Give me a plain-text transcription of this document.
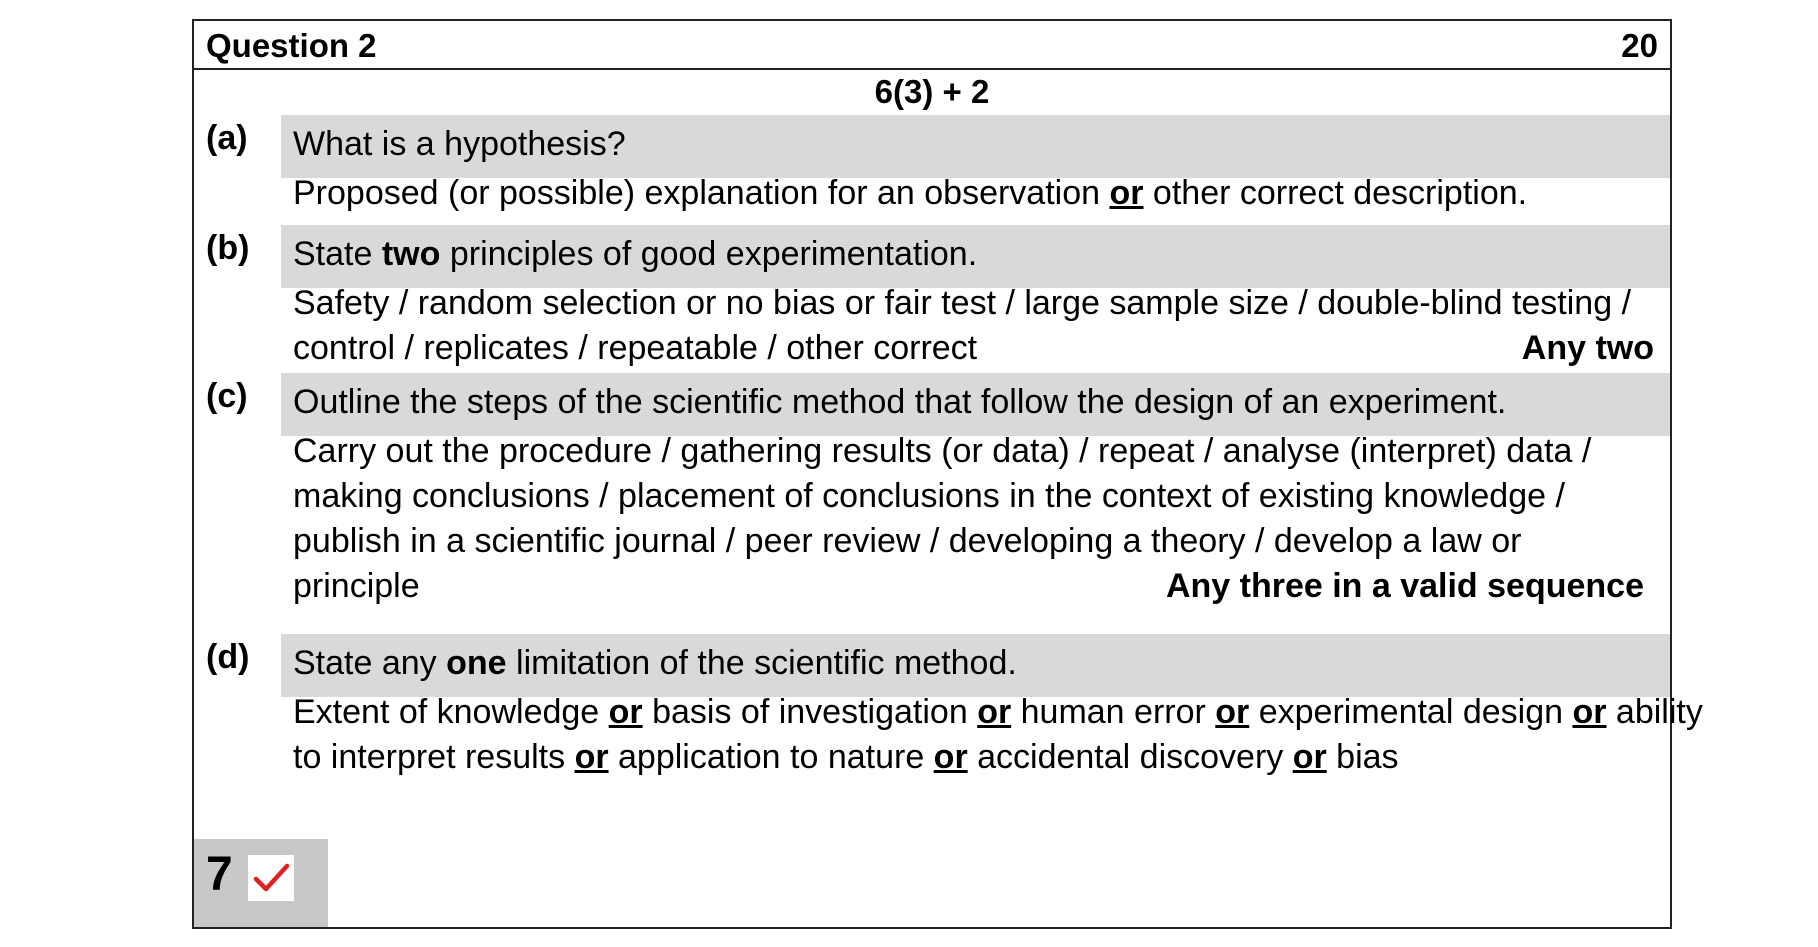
Question 2	20
6(3) + 2
(a) What is a hypothesis?
Proposed (or possible) explanation for an observation or other correct description.
(b) State two principles of good experimentation.
Safety / random selection or no bias or fair test / large sample size / double-blind testing /
control / replicates / repeatable / other correct	Any two
(c) Outline the steps of the scientific method that follow the design of an experiment.
Carry out the procedure / gathering results (or data) / repeat / analyse (interpret) data /
making conclusions / placement of conclusions in the context of existing knowledge /
publish in a scientific journal / peer review / developing a theory / develop a law or
principle	Any three in a valid sequence
(d) State any one limitation of the scientific method.
Extent of knowledge or basis of investigation or human error or experimental design or ability
to interpret results or application to nature or accidental discovery or bias
7
